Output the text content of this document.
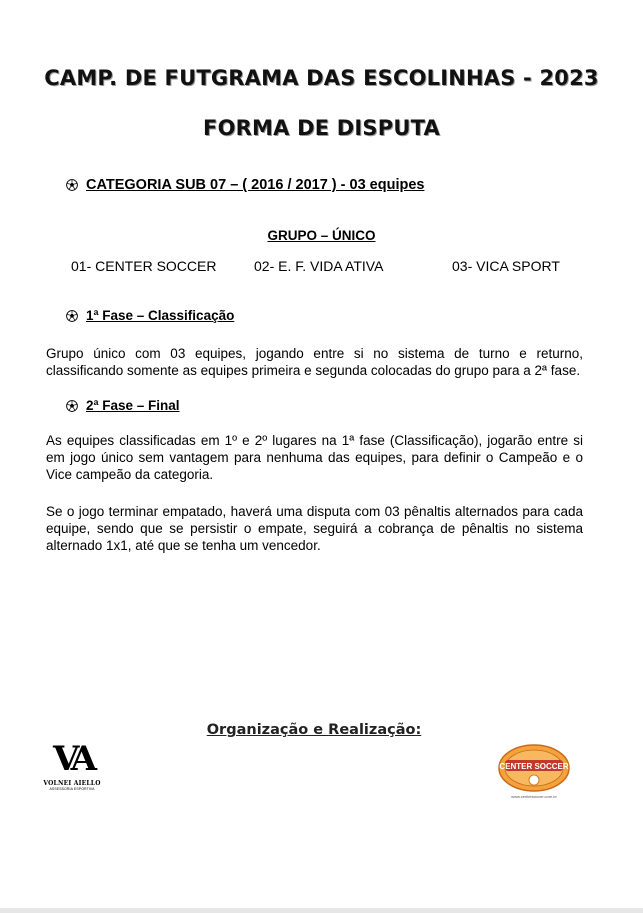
CAMP. DE FUTGRAMA DAS ESCOLINHAS - 2023
FORMA DE DISPUTA
CATEGORIA SUB 07 – ( 2016 / 2017 ) - 03 equipes
GRUPO – ÚNICO
01- CENTER SOCCER	02- E. F. VIDA ATIVA	03- VICA SPORT
1ª Fase – Classificação
Grupo único com 03 equipes, jogando entre si no sistema de turno e returno, classificando somente as equipes primeira e segunda colocadas do grupo para a 2ª fase.
2ª Fase – Final
As equipes classificadas em 1º e 2º lugares na 1ª fase (Classificação), jogarão entre si em jogo único sem vantagem para nenhuma das equipes, para definir o Campeão e o Vice campeão da categoria.
Se o jogo terminar empatado, haverá uma disputa com 03 pênaltis alternados para cada equipe, sendo que se persistir o empate, seguirá a cobrança de pênaltis no sistema alternado 1x1, até que se tenha um vencedor.
Organização e Realização:
VA
VOLNEI AIELLO
ASSESSORIA ESPORTIVA
CENTER SOCCER
www.centersoccer.com.br
